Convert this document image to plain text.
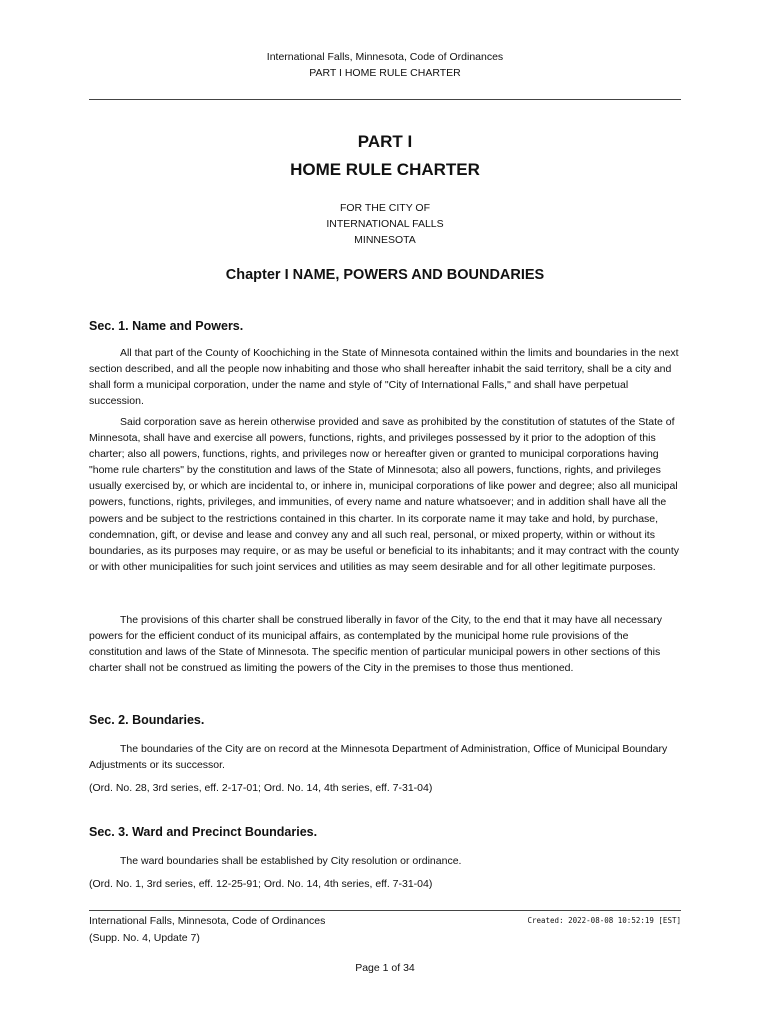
International Falls, Minnesota, Code of Ordinances
PART I HOME RULE CHARTER
PART I
HOME RULE CHARTER
FOR THE CITY OF
INTERNATIONAL FALLS
MINNESOTA
Chapter I NAME, POWERS AND BOUNDARIES
Sec. 1. Name and Powers.

All that part of the County of Koochiching in the State of Minnesota contained within the limits and boundaries in the next section described, and all the people now inhabiting and those who shall hereafter inhabit the said territory, shall be a city and shall form a municipal corporation, under the name and style of "City of International Falls," and shall have perpetual succession.

Said corporation save as herein otherwise provided and save as prohibited by the constitution of statutes of the State of Minnesota, shall have and exercise all powers, functions, rights, and privileges possessed by it prior to the adoption of this charter; also all powers, functions, rights, and privileges now or hereafter given or granted to municipal corporations having "home rule charters" by the constitution and laws of the State of Minnesota; also all powers, functions, rights, and privileges usually exercised by, or which are incidental to, or inhere in, municipal corporations of like power and degree; also all municipal powers, functions, rights, privileges, and immunities, of every name and nature whatsoever; and in addition shall have all the powers and be subject to the restrictions contained in this charter. In its corporate name it may take and hold, by purchase, condemnation, gift, or devise and lease and convey any and all such real, personal, or mixed property, within or without its boundaries, as its purposes may require, or as may be useful or beneficial to its inhabitants; and it may contract with the county or with other municipalities for such joint services and utilities as may seem desirable and for all other legitimate purposes.

The provisions of this charter shall be construed liberally in favor of the City, to the end that it may have all necessary powers for the efficient conduct of its municipal affairs, as contemplated by the municipal home rule provisions of the constitution and laws of the State of Minnesota. The specific mention of particular municipal powers in other sections of this charter shall not be construed as limiting the powers of the City in the premises to those thus mentioned.

Sec. 2. Boundaries.

The boundaries of the City are on record at the Minnesota Department of Administration, Office of Municipal Boundary Adjustments or its successor.

(Ord. No. 28, 3rd series, eff. 2-17-01; Ord. No. 14, 4th series, eff. 7-31-04)

Sec. 3. Ward and Precinct Boundaries.

The ward boundaries shall be established by City resolution or ordinance.

(Ord. No. 1, 3rd series, eff. 12-25-91; Ord. No. 14, 4th series, eff. 7-31-04)

International Falls, Minnesota, Code of Ordinances
(Supp. No. 4, Update 7)
Created: 2022-08-08 10:52:19 [EST]
Page 1 of 34
